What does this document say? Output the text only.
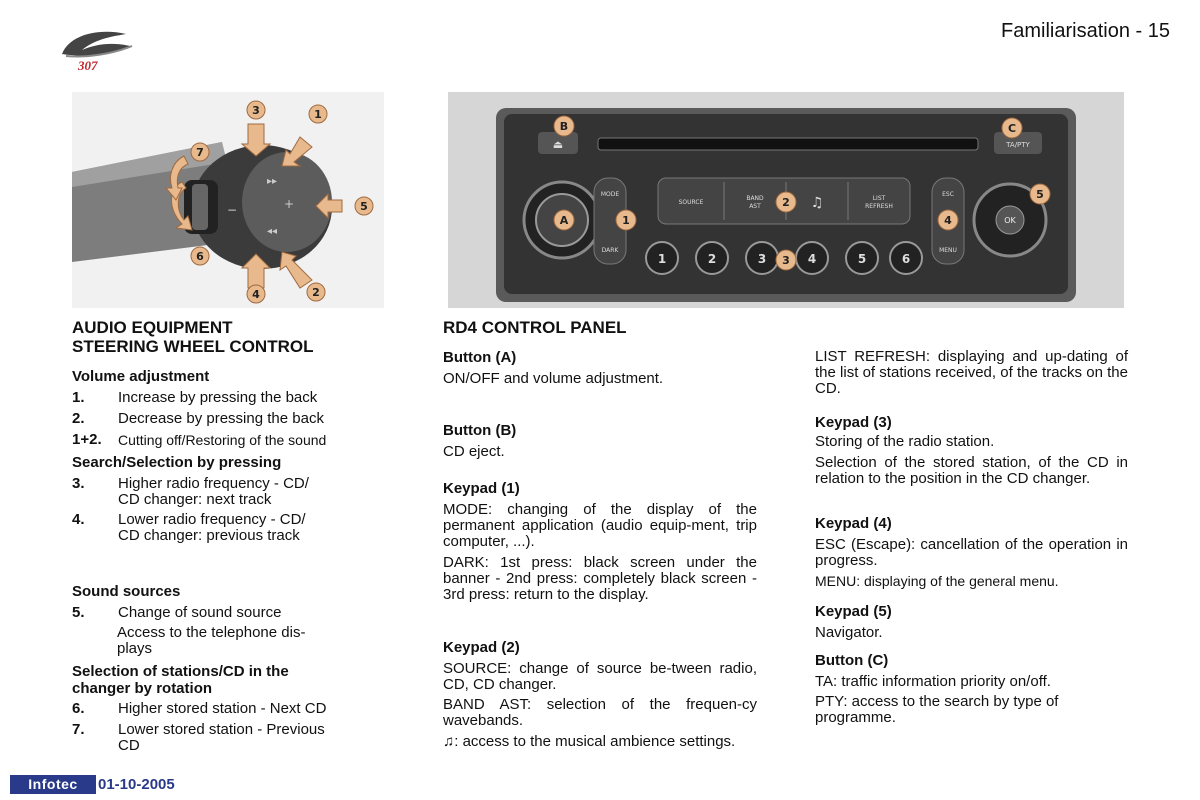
307
Familiarisation - 15
▸▸
◂◂
−	+
1
2
3
4
5
6
7
⏏	TA/PTY
MODE
DARK
SOURCE
BAND
AST	♫	LIST
REFRESH
ESC
MENU
OK
1	2	3	4	5	6
A
B	C
1
2
3
4
5
AUDIO EQUIPMENT
STEERING WHEEL CONTROL
Volume adjustment
1.	Increase by pressing the back
2.	Decrease by pressing the back
1+2.	Cutting off/Restoring of the sound
Search/Selection by pressing
3.	Higher radio frequency - CD/
CD changer: next track
4.	Lower radio frequency - CD/
CD changer: previous track
Sound sources
5.	Change of sound source
Access to the telephone dis-
plays
Selection of stations/CD in the
changer by rotation
6.	Higher stored station - Next CD
7.	Lower stored station - Previous
CD
RD4 CONTROL PANEL
Button (A)
ON/OFF and volume adjustment.
Button (B)
CD eject.
Keypad (1)
MODE: changing of the display of the permanent application (audio equip-ment, trip computer, ...).
DARK: 1st press: black screen under the banner - 2nd press: completely black screen - 3rd press: return to the display.
Keypad (2)
SOURCE: change of source be-tween radio, CD, CD changer.
BAND AST: selection of the frequen-cy wavebands.
♫: access to the musical ambience settings.
LIST REFRESH: displaying and up-dating of the list of stations received, of the tracks on the CD.
Keypad (3)
Storing of the radio station.
Selection of the stored station, of the CD in relation to the position in the CD changer.
Keypad (4)
ESC (Escape): cancellation of the operation in progress.
MENU: displaying of the general menu.
Keypad (5)
Navigator.
Button (C)
TA: traffic information priority on/off.
PTY: access to the search by type of programme.
Infotec	01-10-2005
